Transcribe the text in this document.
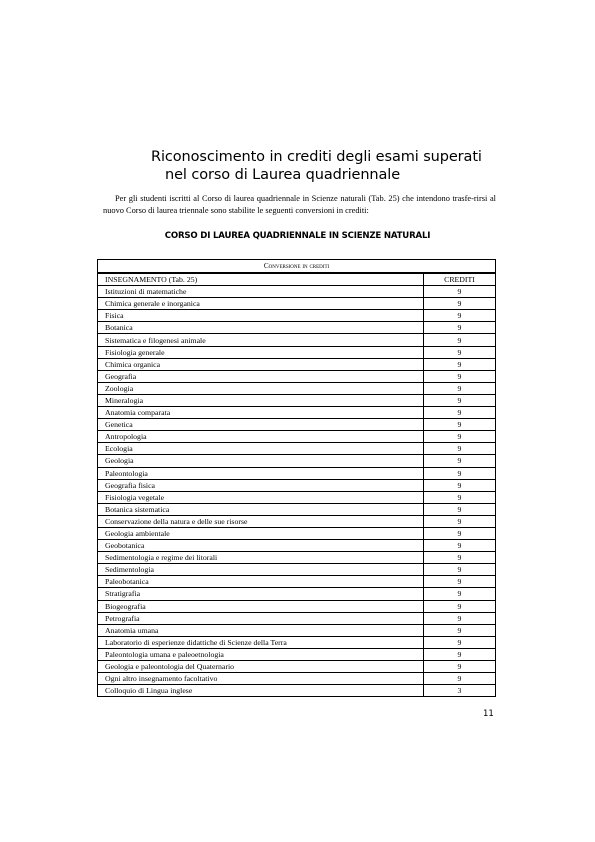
Riconoscimento in crediti degli esami superati
nel corso di Laurea quadriennale

Per gli studenti iscritti al Corso di laurea quadriennale in Scienze naturali (Tab. 25) che intendono trasfe-rirsi al nuovo Corso di laurea triennale sono stabilite le seguenti conversioni in crediti:

CORSO DI LAUREA QUADRIENNALE IN SCIENZE NATURALI
Conversione in crediti	
INSEGNAMENTO (Tab. 25)	CREDITI
Istituzioni di matematiche	9
Chimica generale e inorganica	9
Fisica	9
Botanica	9
Sistematica e filogenesi animale	9
Fisiologia generale	9
Chimica organica	9
Geografia	9
Zoologia	9
Mineralogia	9
Anatomia comparata	9
Genetica	9
Antropologia	9
Ecologia	9
Geologia	9
Paleontologia	9
Geografia fisica	9
Fisiologia vegetale	9
Botanica sistematica	9
Conservazione della natura e delle sue risorse	9
Geologia ambientale	9
Geobotanica	9
Sedimentologia e regime dei litorali	9
Sedimentologia	9
Paleobotanica	9
Stratigrafia	9
Biogeografia	9
Petrografia	9
Anatomia umana	9
Laboratorio di esperienze didattiche di Scienze della Terra	9
Paleontologia umana e paleoetnologia	9
Geologia e paleontologia del Quaternario	9
Ogni altro insegnamento facoltativo	9
Colloquio di Lingua inglese	3
11
